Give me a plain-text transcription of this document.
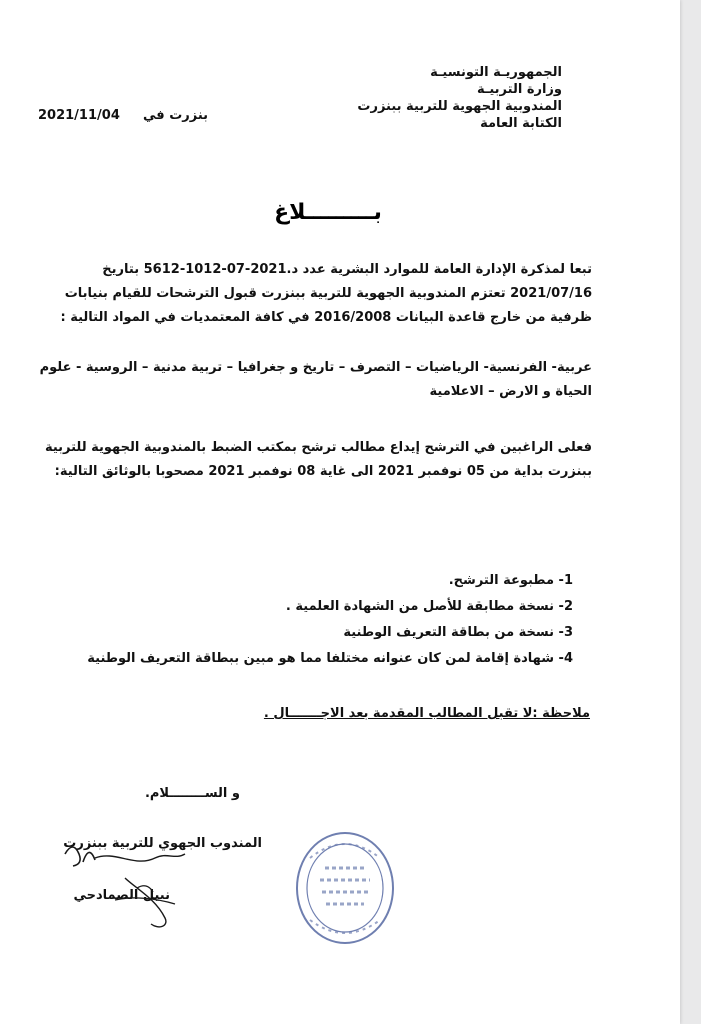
الجمهوريـة التونسيـة
وزارة التربيـة
المندوبية الجهوية للتربية ببنزرت
الكتابة العامة
بنزرت في
2021/11/04
بـــــــــلاغ
تبعا لمذكرة الإدارة العامة للموارد البشرية عدد د.2021-07-1012-5612 بتاريخ 2021/07/16 تعتزم المندوبية الجهوية للتربية ببنزرت قبول الترشحات للقيام بنيابات ظرفية من خارج قاعدة البيانات 2016/2008 في كافة المعتمديات في المواد التالية :
عربية- الفرنسية- الرياضيات – التصرف – تاريخ و جغرافيا – تربية مدنية – الروسية - علوم الحياة و الارض – الاعلامية
فعلى الراغبين في الترشح إيداع مطالب ترشح بمكتب الضبط بالمندوبية الجهوية للتربية ببنزرت بداية من 05 نوفمبر 2021 الى غاية 08 نوفمبر 2021 مصحوبا بالوثائق التالية:
1- مطبوعة الترشح.
2- نسخة مطابقة للأصل من الشهادة العلمية .
3- نسخة من بطاقة التعريف الوطنية
4- شهادة إقامة لمن كان عنوانه مختلفا مما هو مبين ببطاقة التعريف الوطنية
ملاحظة :لا تقبل المطالب المقدمة بعد الاجـــــــال .
و الســــــــلام.
المندوب الجهوي للتربية ببنزرت
نبيل الصمادحي
